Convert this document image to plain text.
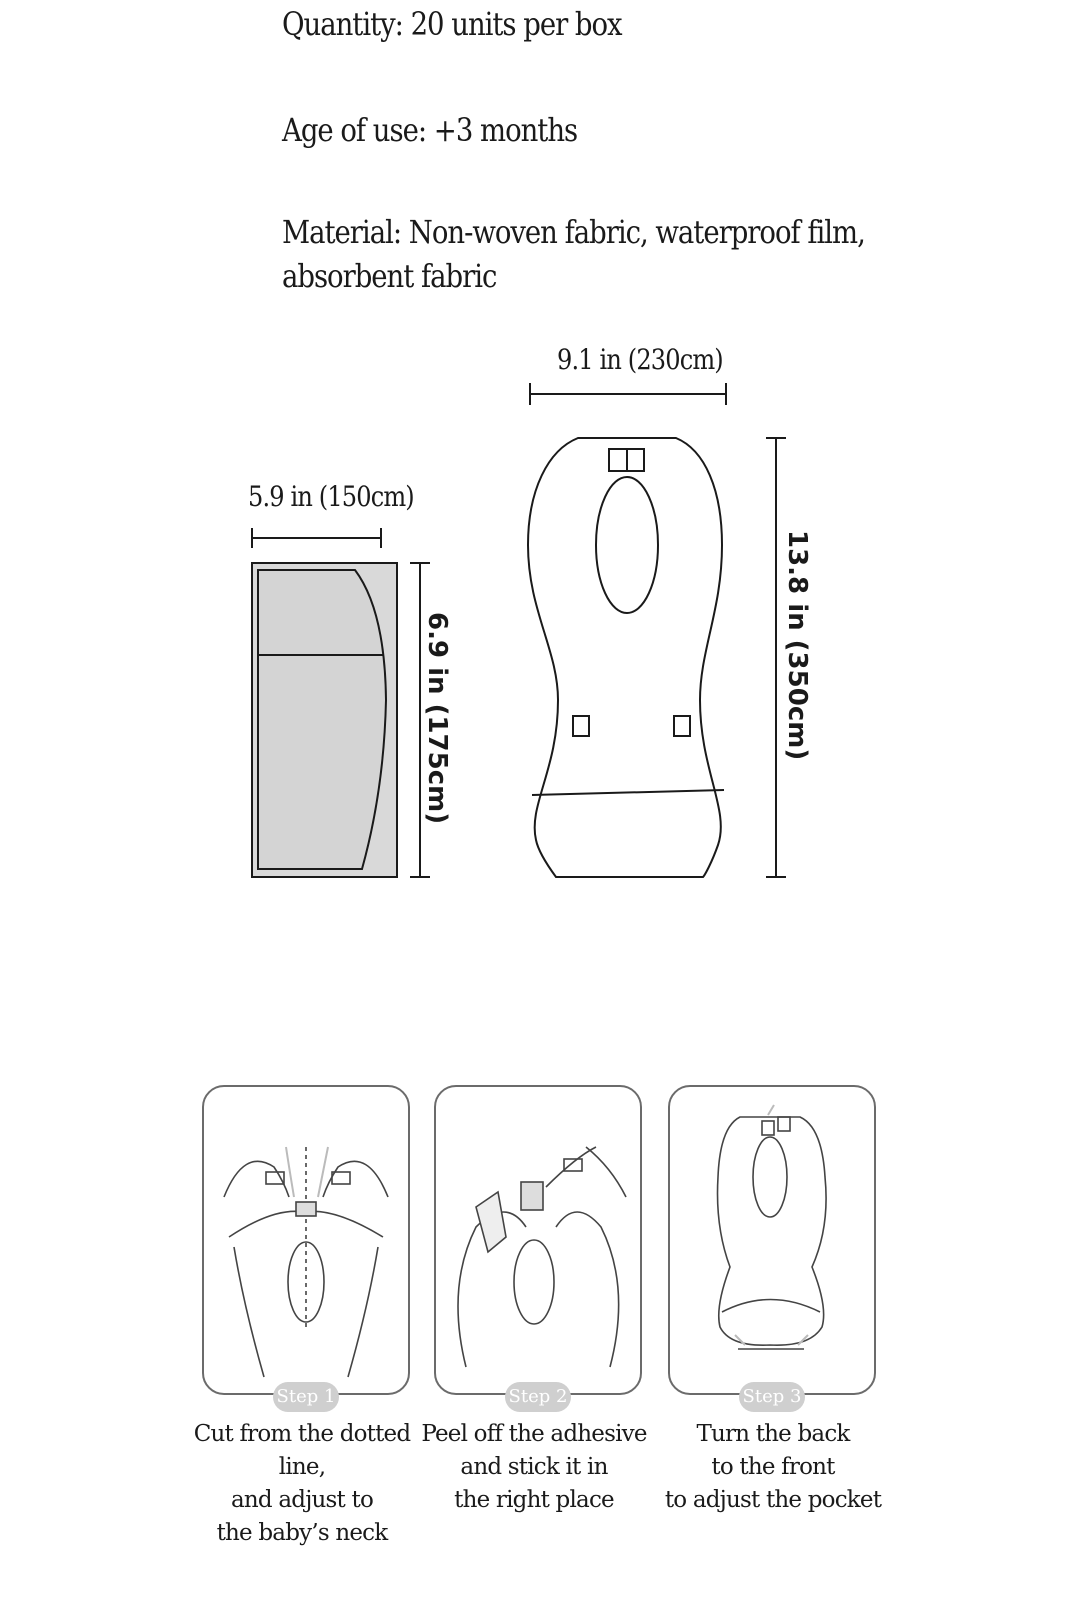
Quantity: 20 units per box
Age of use: +3 months
Material: Non-woven fabric, waterproof film,
absorbent fabric
5.9 in (150cm)
9.1 in (230cm)
6.9 in (175cm)	13.8 in (350cm)
Step 1	Step 2	Step 3
Cut from the dotted line,
and adjust to
the baby’s neck
Peel off the adhesive
and stick it in
the right place
Turn the back
to the front
to adjust the pocket
